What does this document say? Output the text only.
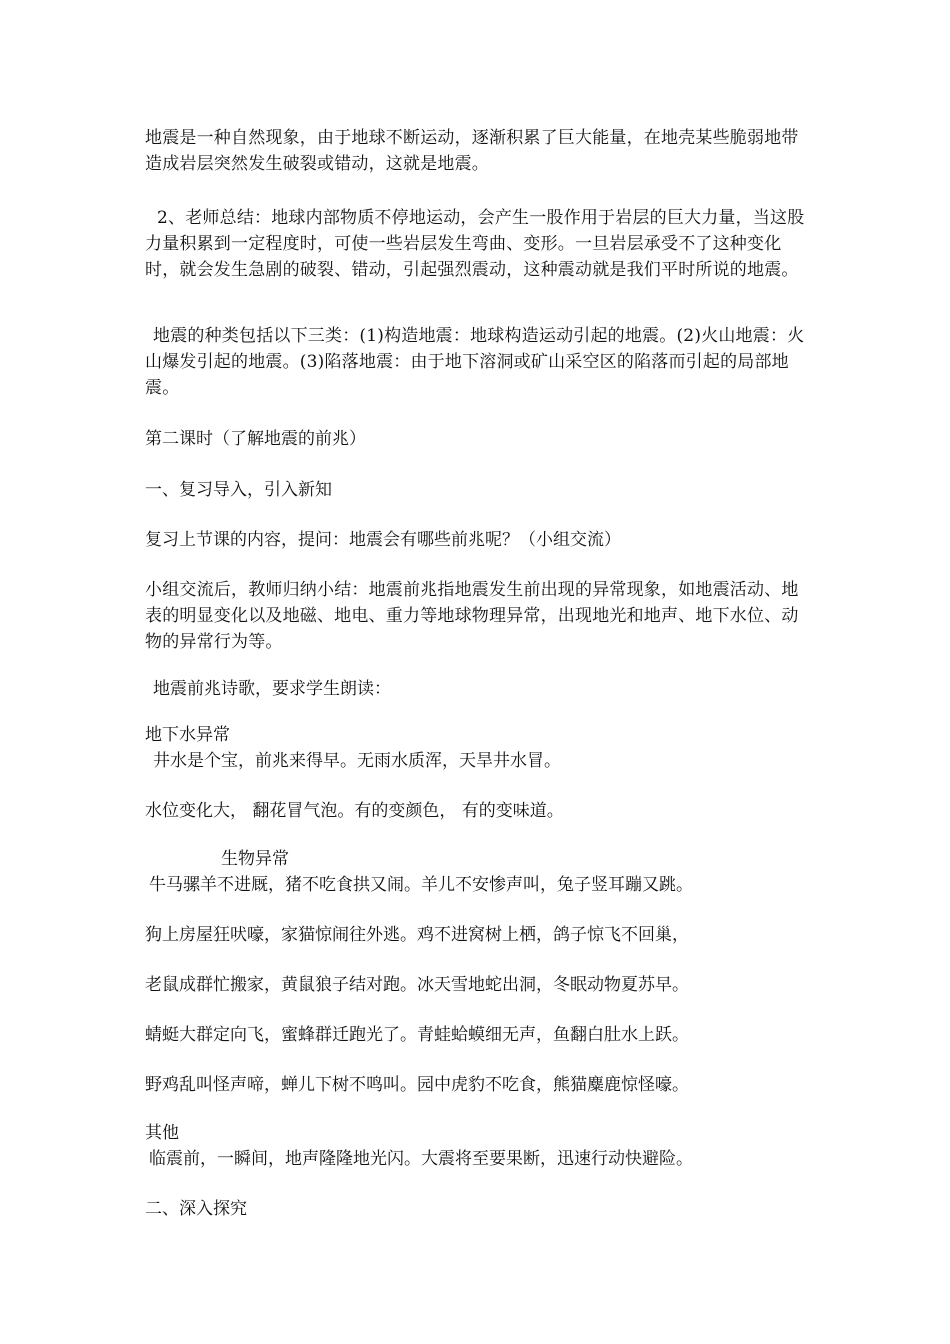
地震是一种自然现象，由于地球不断运动，逐渐积累了巨大能量，在地壳某些脆弱地带造成岩层突然发生破裂或错动，这就是地震。

2、老师总结：地球内部物质不停地运动，会产生一股作用于岩层的巨大力量，当这股力量积累到一定程度时，可使一些岩层发生弯曲、变形。一旦岩层承受不了这种变化时，就会发生急剧的破裂、错动，引起强烈震动，这种震动就是我们平时所说的地震。

地震的种类包括以下三类：(1)构造地震：地球构造运动引起的地震。(2)火山地震：火山爆发引起的地震。(3)陷落地震：由于地下溶洞或矿山采空区的陷落而引起的局部地震。

第二课时（了解地震的前兆）

一、复习导入，引入新知

复习上节课的内容，提问：地震会有哪些前兆呢？（小组交流）

小组交流后，教师归纳小结：地震前兆指地震发生前出现的异常现象，如地震活动、地表的明显变化以及地磁、地电、重力等地球物理异常，出现地光和地声、地下水位、动物的异常行为等。

地震前兆诗歌，要求学生朗读：

地下水异常

井水是个宝，前兆来得早。无雨水质浑，天旱井水冒。

水位变化大， 翻花冒气泡。有的变颜色， 有的变味道。

生物异常

牛马骡羊不进厩，猪不吃食拱又闹。羊儿不安惨声叫，兔子竖耳蹦又跳。

狗上房屋狂吠嚎，家猫惊闹往外逃。鸡不进窝树上栖，鸽子惊飞不回巢，

老鼠成群忙搬家，黄鼠狼子结对跑。冰天雪地蛇出洞，冬眠动物夏苏早。

蜻蜓大群定向飞，蜜蜂群迁跑光了。青蛙蛤蟆细无声，鱼翻白肚水上跃。

野鸡乱叫怪声啼，蝉儿下树不鸣叫。园中虎豹不吃食，熊猫麋鹿惊怪嚎。

其他

临震前，一瞬间，地声隆隆地光闪。大震将至要果断，迅速行动快避险。

二、深入探究
